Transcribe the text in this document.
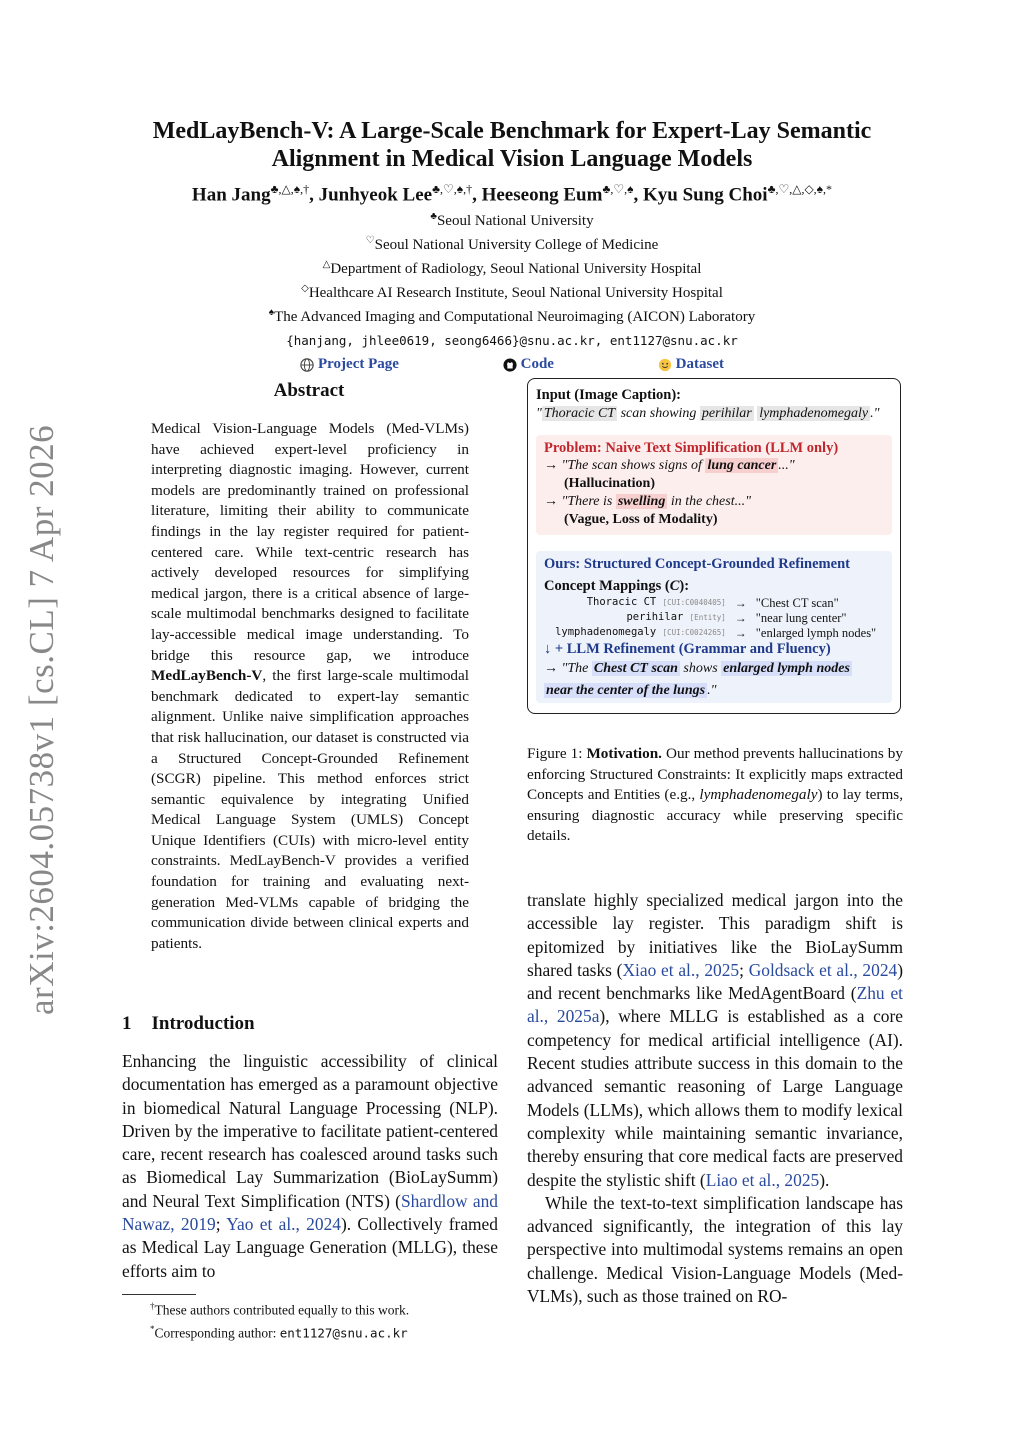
arXiv:2604.05738v1 [cs.CL] 7 Apr 2026
MedLayBench-V: A Large-Scale Benchmark for Expert-Lay Semantic
Alignment in Medical Vision Language Models
Han Jang♣,△,♠,†, Junhyeok Lee♣,♡,♠,†, Heeseong Eum♣,♡,♠, Kyu Sung Choi♣,♡,△,◇,♠,*
♣Seoul National University
♡Seoul National University College of Medicine
△Department of Radiology, Seoul National University Hospital
◇Healthcare AI Research Institute, Seoul National University Hospital
♠The Advanced Imaging and Computational Neuroimaging (AICON) Laboratory
{hanjang, jhlee0619, seong6466}@snu.ac.kr, ent1127@snu.ac.kr
Project Page	Code	Dataset
Abstract
Medical Vision-Language Models (Med-VLMs) have achieved expert-level proficiency in interpreting diagnostic imaging. However, current models are predominantly trained on professional literature, limiting their ability to communicate findings in the lay register required for patient-centered care. While text-centric research has actively developed resources for simplifying medical jargon, there is a critical absence of large-scale multimodal benchmarks designed to facilitate lay-accessible medical image understanding. To bridge this resource gap, we introduce MedLayBench-V, the first large-scale multimodal benchmark dedicated to expert-lay semantic alignment. Unlike naive simplification approaches that risk hallucination, our dataset is constructed via a Structured Concept-Grounded Refinement (SCGR) pipeline. This method enforces strict semantic equivalence by integrating Unified Medical Language System (UMLS) Concept Unique Identifiers (CUIs) with micro-level entity constraints. MedLayBench-V provides a verified foundation for training and evaluating next-generation Med-VLMs capable of bridging the communication divide between clinical experts and patients.
1 Introduction

Enhancing the linguistic accessibility of clinical documentation has emerged as a paramount objective in biomedical Natural Language Processing (NLP). Driven by the imperative to facilitate patient-centered care, recent research has coalesced around tasks such as Biomedical Lay Summarization (BioLaySumm) and Neural Text Simplification (NTS) (Shardlow and Nawaz, 2019; Yao et al., 2024). Collectively framed as Medical Lay Language Generation (MLLG), these efforts aim to

†These authors contributed equally to this work.
*Corresponding author: ent1127@snu.ac.kr
Input (Image Caption):
" Thoracic CT scan showing perihilar lymphadenomegaly ."
Problem: Naive Text Simplification (LLM only)
→ "The scan shows signs of lung cancer ..."
(Hallucination)
→ "There is swelling in the chest..."
(Vague, Loss of Modality)
Ours: Structured Concept-Grounded Refinement
Concept Mappings (C):
Thoracic CT [CUI:C0040405]	→	"Chest CT scan"
perihilar [Entity]	→	"near lung center"
lymphadenomegaly [CUI:C0024265]	→	"enlarged lymph nodes"
↓ + LLM Refinement (Grammar and Fluency)
→ "The Chest CT scan shows enlarged lymph nodes
near the center of the lungs ."
Figure 1: Motivation. Our method prevents hallucinations by enforcing Structured Constraints: It explicitly maps extracted Concepts and Entities (e.g., lymphadenomegaly) to lay terms, ensuring diagnostic accuracy while preserving specific details.

translate highly specialized medical jargon into the accessible lay register. This paradigm shift is epitomized by initiatives like the BioLaySumm shared tasks (Xiao et al., 2025; Goldsack et al., 2024) and recent benchmarks like MedAgentBoard (Zhu et al., 2025a), where MLLG is established as a core competency for medical artificial intelligence (AI). Recent studies attribute success in this domain to the advanced semantic reasoning of Large Language Models (LLMs), which allows them to modify lexical complexity while maintaining semantic invariance, thereby ensuring that core medical facts are preserved despite the stylistic shift (Liao et al., 2025).

While the text-to-text simplification landscape has advanced significantly, the integration of this lay perspective into multimodal systems remains an open challenge. Medical Vision-Language Models (Med-VLMs), such as those trained on RO-
